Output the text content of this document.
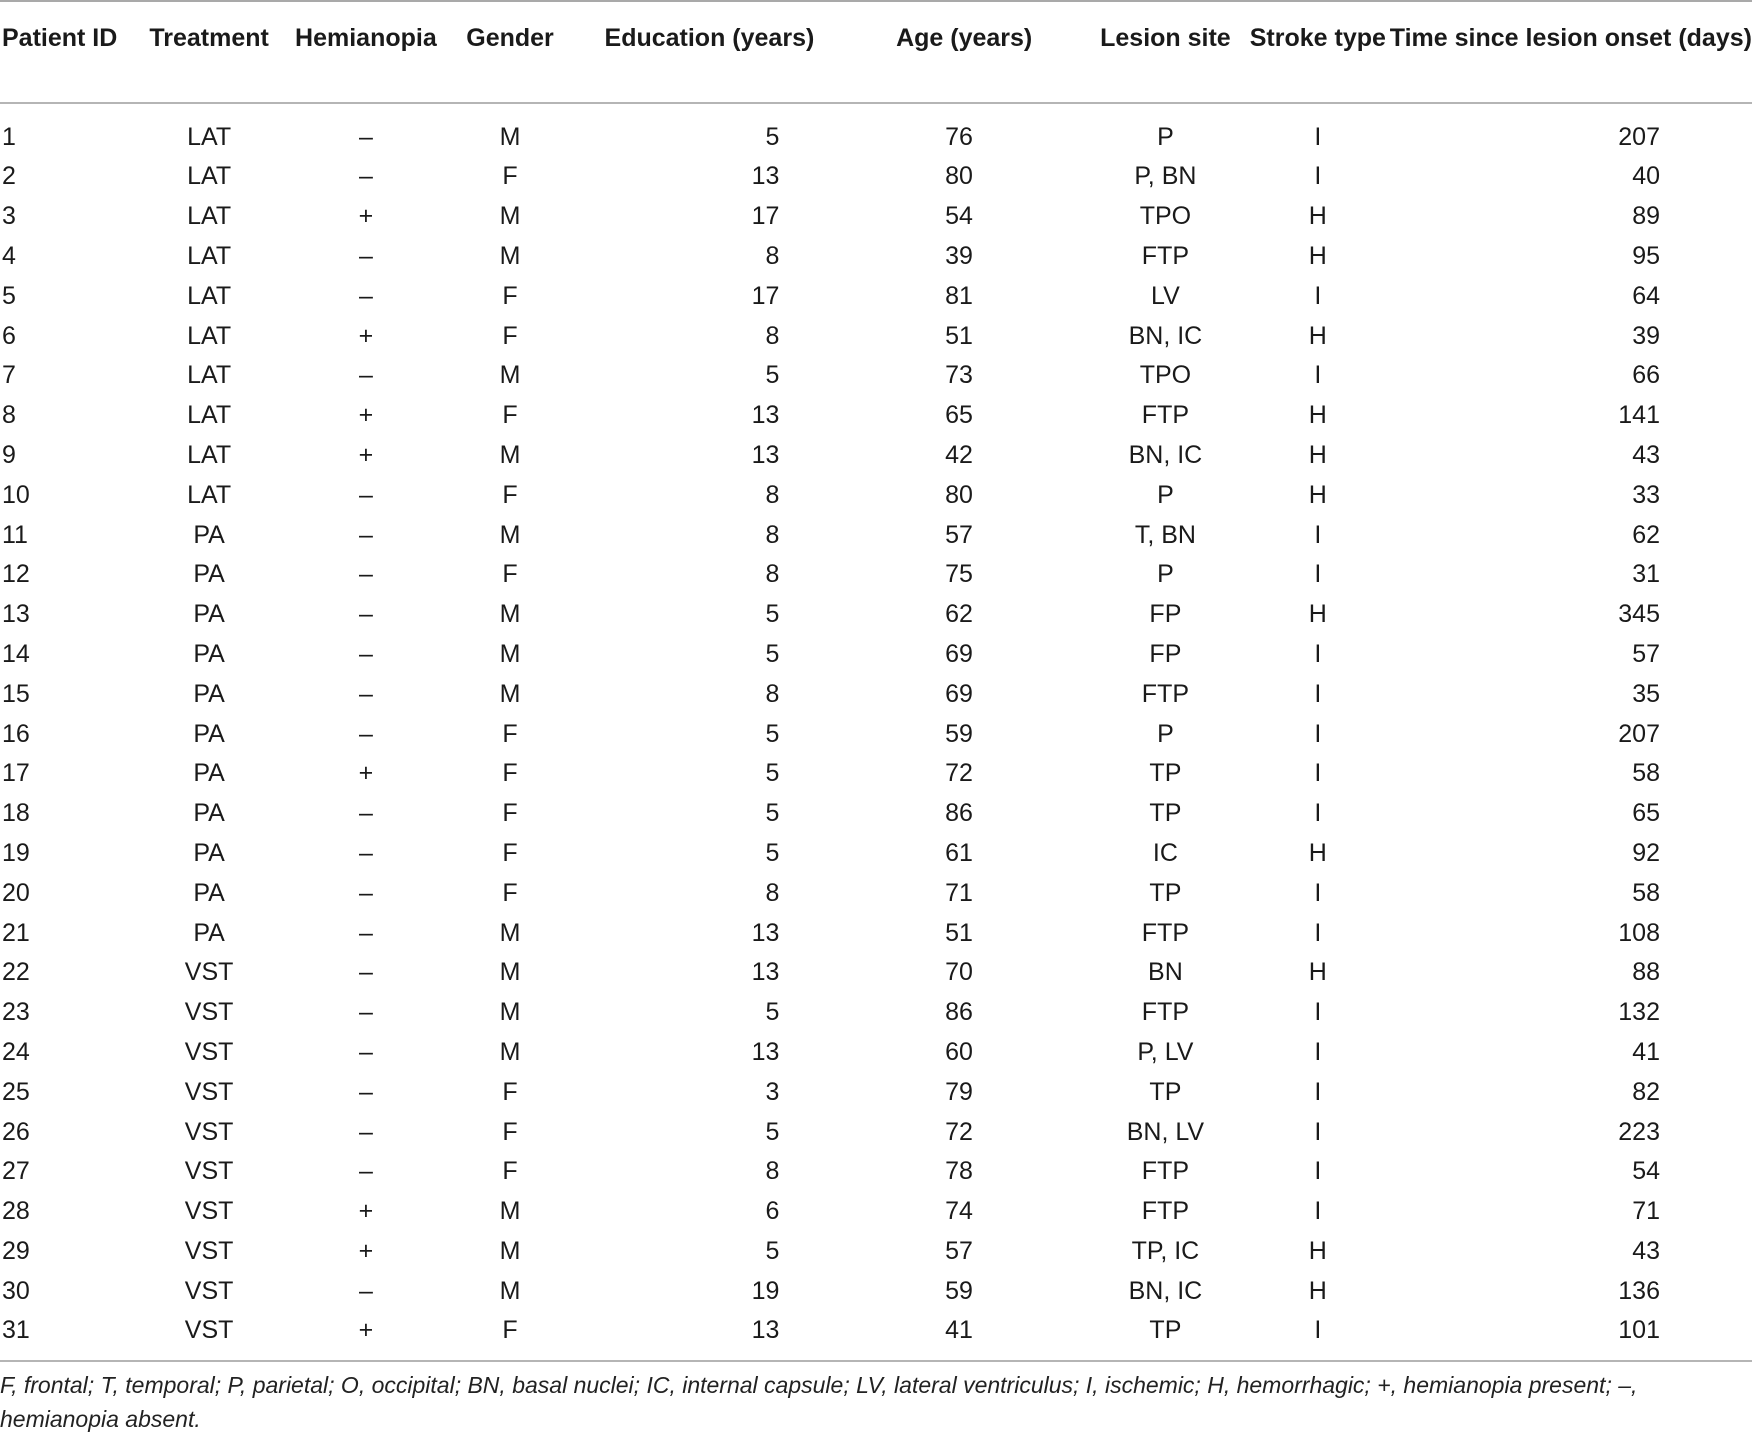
Patient ID	Treatment	Hemianopia	Gender	Education (years)	Age (years)	Lesion site	Stroke type	Time since lesion onset (days)
1	LAT	–	M	5	76	P	I	207
2	LAT	–	F	13	80	P, BN	I	40
3	LAT	+	M	17	54	TPO	H	89
4	LAT	–	M	8	39	FTP	H	95
5	LAT	–	F	17	81	LV	I	64
6	LAT	+	F	8	51	BN, IC	H	39
7	LAT	–	M	5	73	TPO	I	66
8	LAT	+	F	13	65	FTP	H	141
9	LAT	+	M	13	42	BN, IC	H	43
10	LAT	–	F	8	80	P	H	33
11	PA	–	M	8	57	T, BN	I	62
12	PA	–	F	8	75	P	I	31
13	PA	–	M	5	62	FP	H	345
14	PA	–	M	5	69	FP	I	57
15	PA	–	M	8	69	FTP	I	35
16	PA	–	F	5	59	P	I	207
17	PA	+	F	5	72	TP	I	58
18	PA	–	F	5	86	TP	I	65
19	PA	–	F	5	61	IC	H	92
20	PA	–	F	8	71	TP	I	58
21	PA	–	M	13	51	FTP	I	108
22	VST	–	M	13	70	BN	H	88
23	VST	–	M	5	86	FTP	I	132
24	VST	–	M	13	60	P, LV	I	41
25	VST	–	F	3	79	TP	I	82
26	VST	–	F	5	72	BN, LV	I	223
27	VST	–	F	8	78	FTP	I	54
28	VST	+	M	6	74	FTP	I	71
29	VST	+	M	5	57	TP, IC	H	43
30	VST	–	M	19	59	BN, IC	H	136
31	VST	+	F	13	41	TP	I	101
F, frontal; T, temporal; P, parietal; O, occipital; BN, basal nuclei; IC, internal capsule; LV, lateral ventriculus; I, ischemic; H, hemorrhagic; +, hemianopia present; –, hemianopia absent.
